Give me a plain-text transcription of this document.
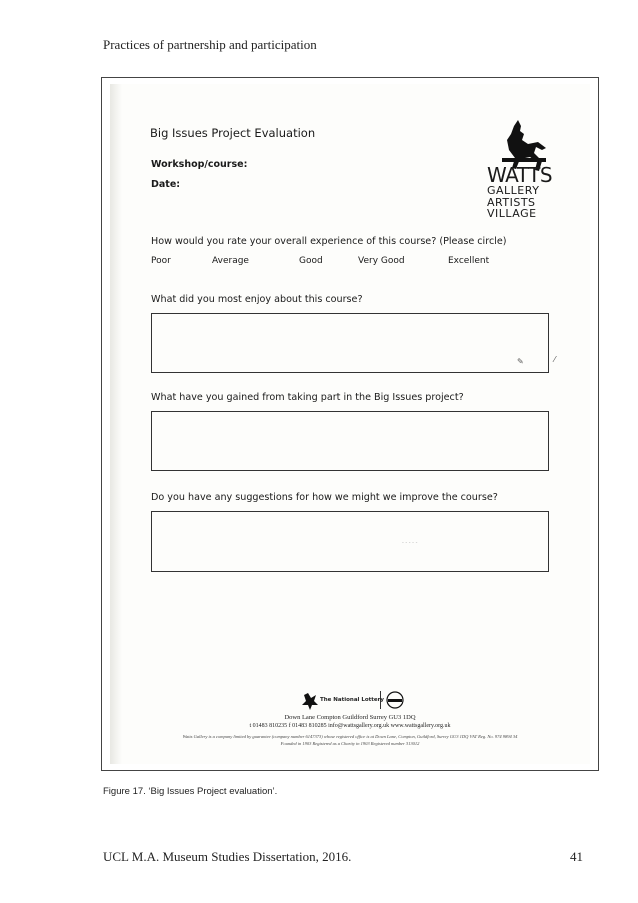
Practices of partnership and participation
Big Issues Project Evaluation
Workshop/course:
Date:	WATTS
GALLERY
ARTISTS
VILLAGE
How would you rate your overall experience of this course? (Please circle)
Poor	Average	Good	Very Good	Excellent
What did you most enjoy about this course?
✎	⁄
What have you gained from taking part in the Big Issues project?
Do you have any suggestions for how we might we improve the course?
- - - - -
The National Lottery
Down Lane Compton Guildford Surrey GU3 1DQ
t 01483 810235 f 01483 810285 info@wattsgallery.org.uk www.wattsgallery.org.uk
Watts Gallery is a company limited by guarantee (company number 6147373) whose registered office is at Down Lane, Compton, Guildford, Surrey GU3 1DQ VAT Reg. No. 974 9894 34
Founded in 1903 Registered as a Charity in 1903 Registered number 313012
Figure 17. ‘Big Issues Project evaluation’.
UCL M.A. Museum Studies Dissertation, 2016.	41
